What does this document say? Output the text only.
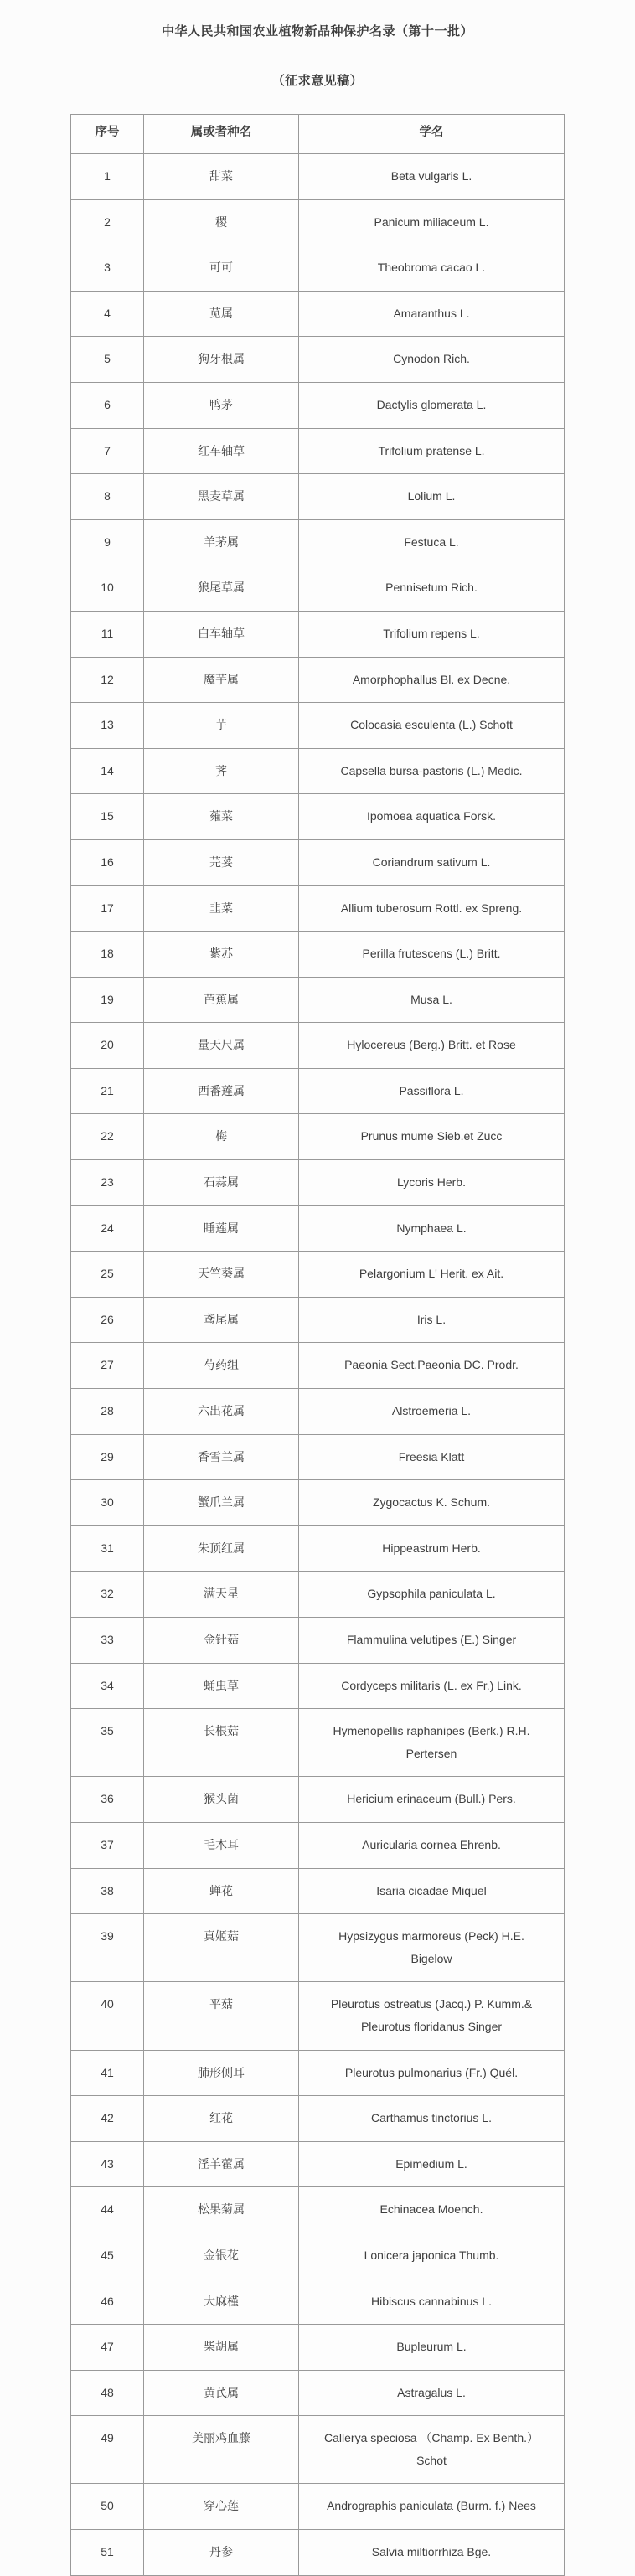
中华人民共和国农业植物新品种保护名录（第十一批）
（征求意见稿）
序号	属或者种名	学名
1	甜菜	Beta vulgaris L.
2	稷	Panicum miliaceum L.
3	可可	Theobroma cacao L.
4	苋属	Amaranthus L.
5	狗牙根属	Cynodon Rich.
6	鸭茅	Dactylis glomerata L.
7	红车轴草	Trifolium pratense L.
8	黑麦草属	Lolium L.
9	羊茅属	Festuca L.
10	狼尾草属	Pennisetum Rich.
11	白车轴草	Trifolium repens L.
12	魔芋属	Amorphophallus Bl. ex Decne.
13	芋	Colocasia esculenta (L.) Schott
14	荠	Capsella bursa-pastoris (L.) Medic.
15	蕹菜	Ipomoea aquatica Forsk.
16	芫荽	Coriandrum sativum L.
17	韭菜	Allium tuberosum Rottl. ex Spreng.
18	紫苏	Perilla frutescens (L.) Britt.
19	芭蕉属	Musa L.
20	量天尺属	Hylocereus (Berg.) Britt. et Rose
21	西番莲属	Passiflora L.
22	梅	Prunus mume Sieb.et Zucc
23	石蒜属	Lycoris Herb.
24	睡莲属	Nymphaea L.
25	天竺葵属	Pelargonium L' Herit. ex Ait.
26	鸢尾属	Iris L.
27	芍药组	Paeonia Sect.Paeonia DC. Prodr.
28	六出花属	Alstroemeria L.
29	香雪兰属	Freesia Klatt
30	蟹爪兰属	Zygocactus K. Schum.
31	朱顶红属	Hippeastrum Herb.
32	满天星	Gypsophila paniculata L.
33	金针菇	Flammulina velutipes (E.) Singer
34	蛹虫草	Cordyceps militaris (L. ex Fr.) Link.
35	长根菇	Hymenopellis raphanipes (Berk.) R.H. Pertersen
36	猴头菌	Hericium erinaceum (Bull.) Pers.
37	毛木耳	Auricularia cornea Ehrenb.
38	蝉花	Isaria cicadae Miquel
39	真姬菇	Hypsizygus marmoreus (Peck) H.E. Bigelow
40	平菇	Pleurotus ostreatus (Jacq.) P. Kumm.& Pleurotus floridanus Singer
41	肺形侧耳	Pleurotus pulmonarius (Fr.) Quél.
42	红花	Carthamus tinctorius L.
43	淫羊藿属	Epimedium L.
44	松果菊属	Echinacea Moench.
45	金银花	Lonicera japonica Thumb.
46	大麻槿	Hibiscus cannabinus L.
47	柴胡属	Bupleurum L.
48	黄芪属	Astragalus L.
49	美丽鸡血藤	Callerya speciosa （Champ. Ex Benth.）Schot
50	穿心莲	Andrographis paniculata (Burm. f.) Nees
51	丹参	Salvia miltiorrhiza Bge.
